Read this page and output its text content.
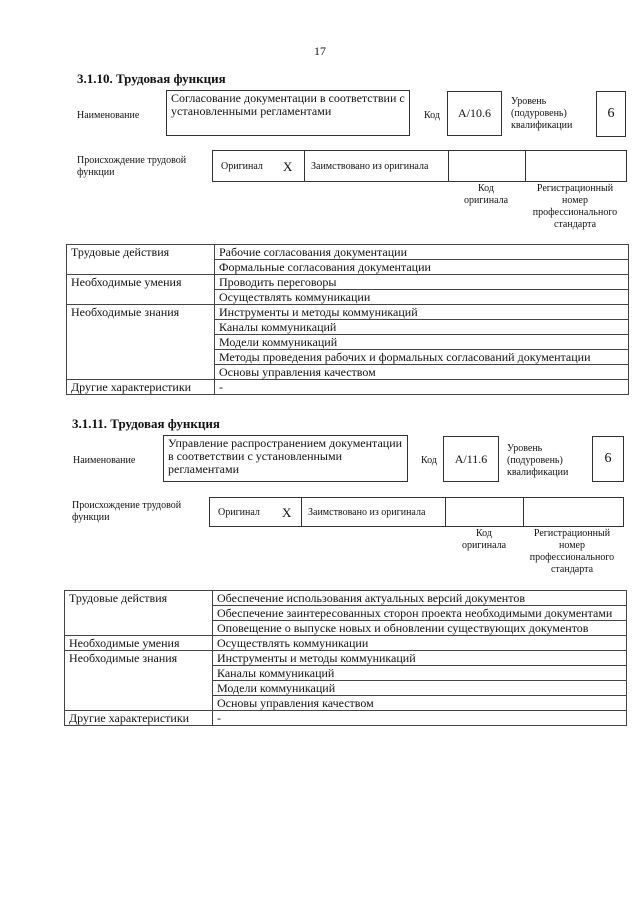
17
3.1.10. Трудовая функция
Наименование
Согласование документации в соответствии с установленными регламентами	Код	A/10.6
Уровень (подуровень) квалификации
6
Происхождение трудовой функции
Оригинал X Заимствовано из оригинала
Код оригинала
Регистрационный номер профессионального стандарта
Трудовые действия	Рабочие согласования документации
	Формальные согласования документации
Необходимые умения	Проводить переговоры
	Осуществлять коммуникации
Необходимые знания	Инструменты и методы коммуникаций
	Каналы коммуникаций
	Модели коммуникаций
	Методы проведения рабочих и формальных согласований документации
	Основы управления качеством
Другие характеристики	-
3.1.11. Трудовая функция
Наименование
Управление распространением документации в соответствии с установленными регламентами
Код	A/11.6
Уровень (подуровень) квалификации
6
Происхождение трудовой функции	Оригинал X Заимствовано из оригинала
Код оригинала
Регистрационный номер профессионального стандарта
Трудовые действия	Обеспечение использования актуальных версий документов
	Обеспечение заинтересованных сторон проекта необходимыми документами
	Оповещение о выпуске новых и обновлении существующих документов
Необходимые умения	Осуществлять коммуникации
Необходимые знания	Инструменты и методы коммуникаций
	Каналы коммуникаций
	Модели коммуникаций
	Основы управления качеством
Другие характеристики	-
